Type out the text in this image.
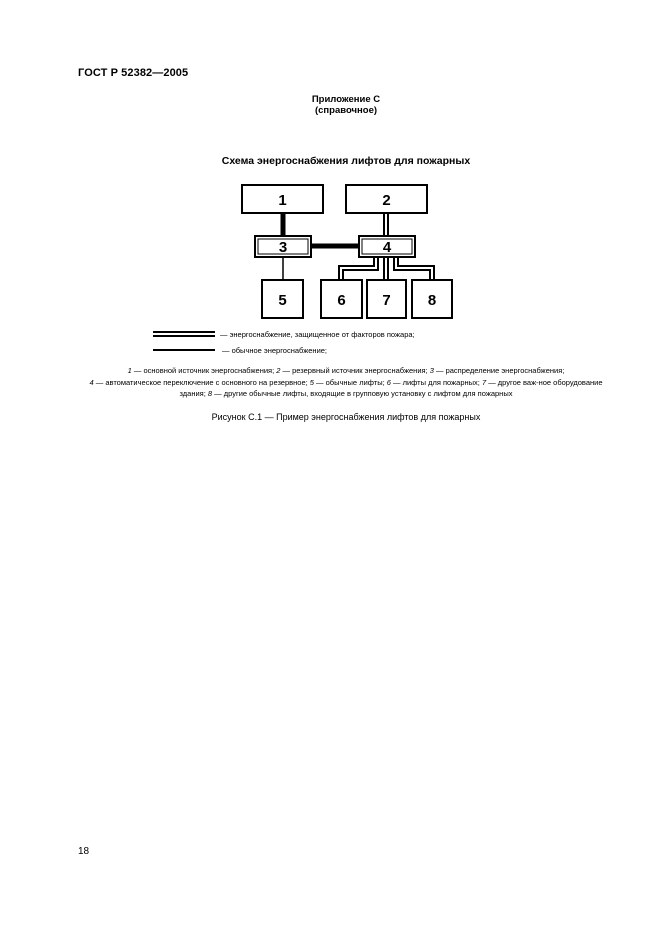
ГОСТ Р 52382—2005
Приложение С
(справочное)
Схема энергоснабжения лифтов для пожарных
1	2
3	4
5	6 7 8
— энергоснабжение, защищенное от факторов пожара;
— обычное энергоснабжение;
1 — основной источник энергоснабжения; 2 — резервный источник энергоснабжения; 3 — распределение энергоснабжения;
4 — автоматическое переключение с основного на резервное; 5 — обычные лифты; 6 — лифты для пожарных; 7 — другое важ-ное оборудование здания; 8 — другие обычные лифты, входящие в групповую установку с лифтом для пожарных
Рисунок С.1 — Пример энергоснабжения лифтов для пожарных
18
